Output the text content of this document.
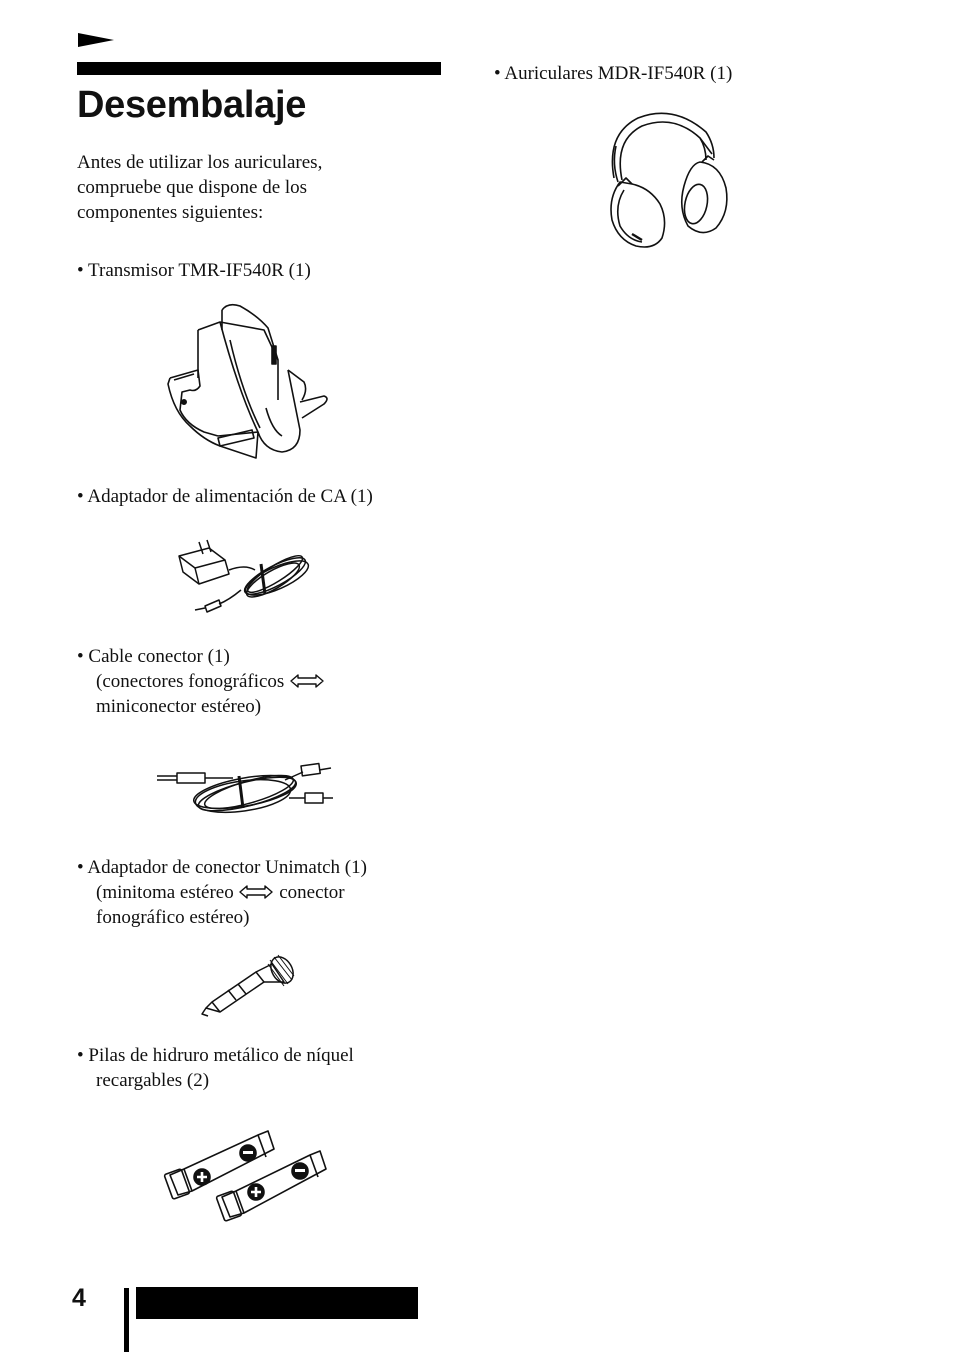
Desembalaje
Antes de utilizar los auriculares,
compruebe que dispone de los
componentes siguientes:
• Transmisor TMR-IF540R (1)
• Adaptador de alimentación de CA (1)
• Cable conector (1)
(conectores fonográficos
miniconector estéreo)
• Adaptador de conector Unimatch (1)
(minitoma estéreo conector
fonográfico estéreo)
• Pilas de hidruro metálico de níquel
recargables (2)
• Auriculares MDR-IF540R (1)
4
